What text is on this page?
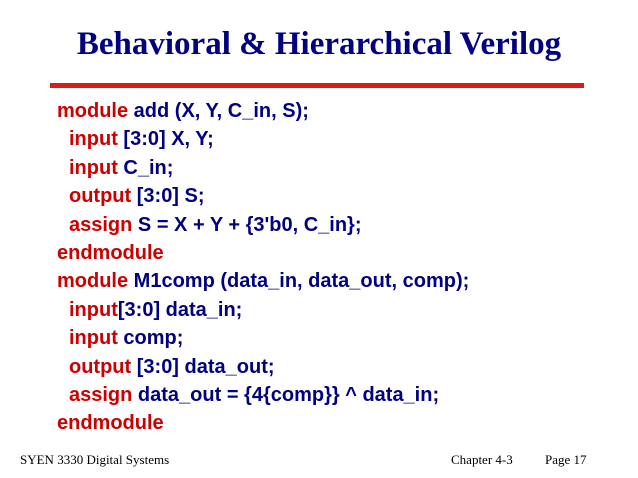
Behavioral & Hierarchical Verilog
module add (X, Y, C_in, S);
input [3:0] X, Y;
input C_in;
output [3:0] S;
assign S = X + Y + {3'b0, C_in};
endmodule
module M1comp (data_in, data_out, comp);
input[3:0] data_in;
input comp;
output [3:0] data_out;
assign data_out = {4{comp}} ^ data_in;
endmodule
SYEN 3330 Digital Systems	Chapter 4-3 Page 17
